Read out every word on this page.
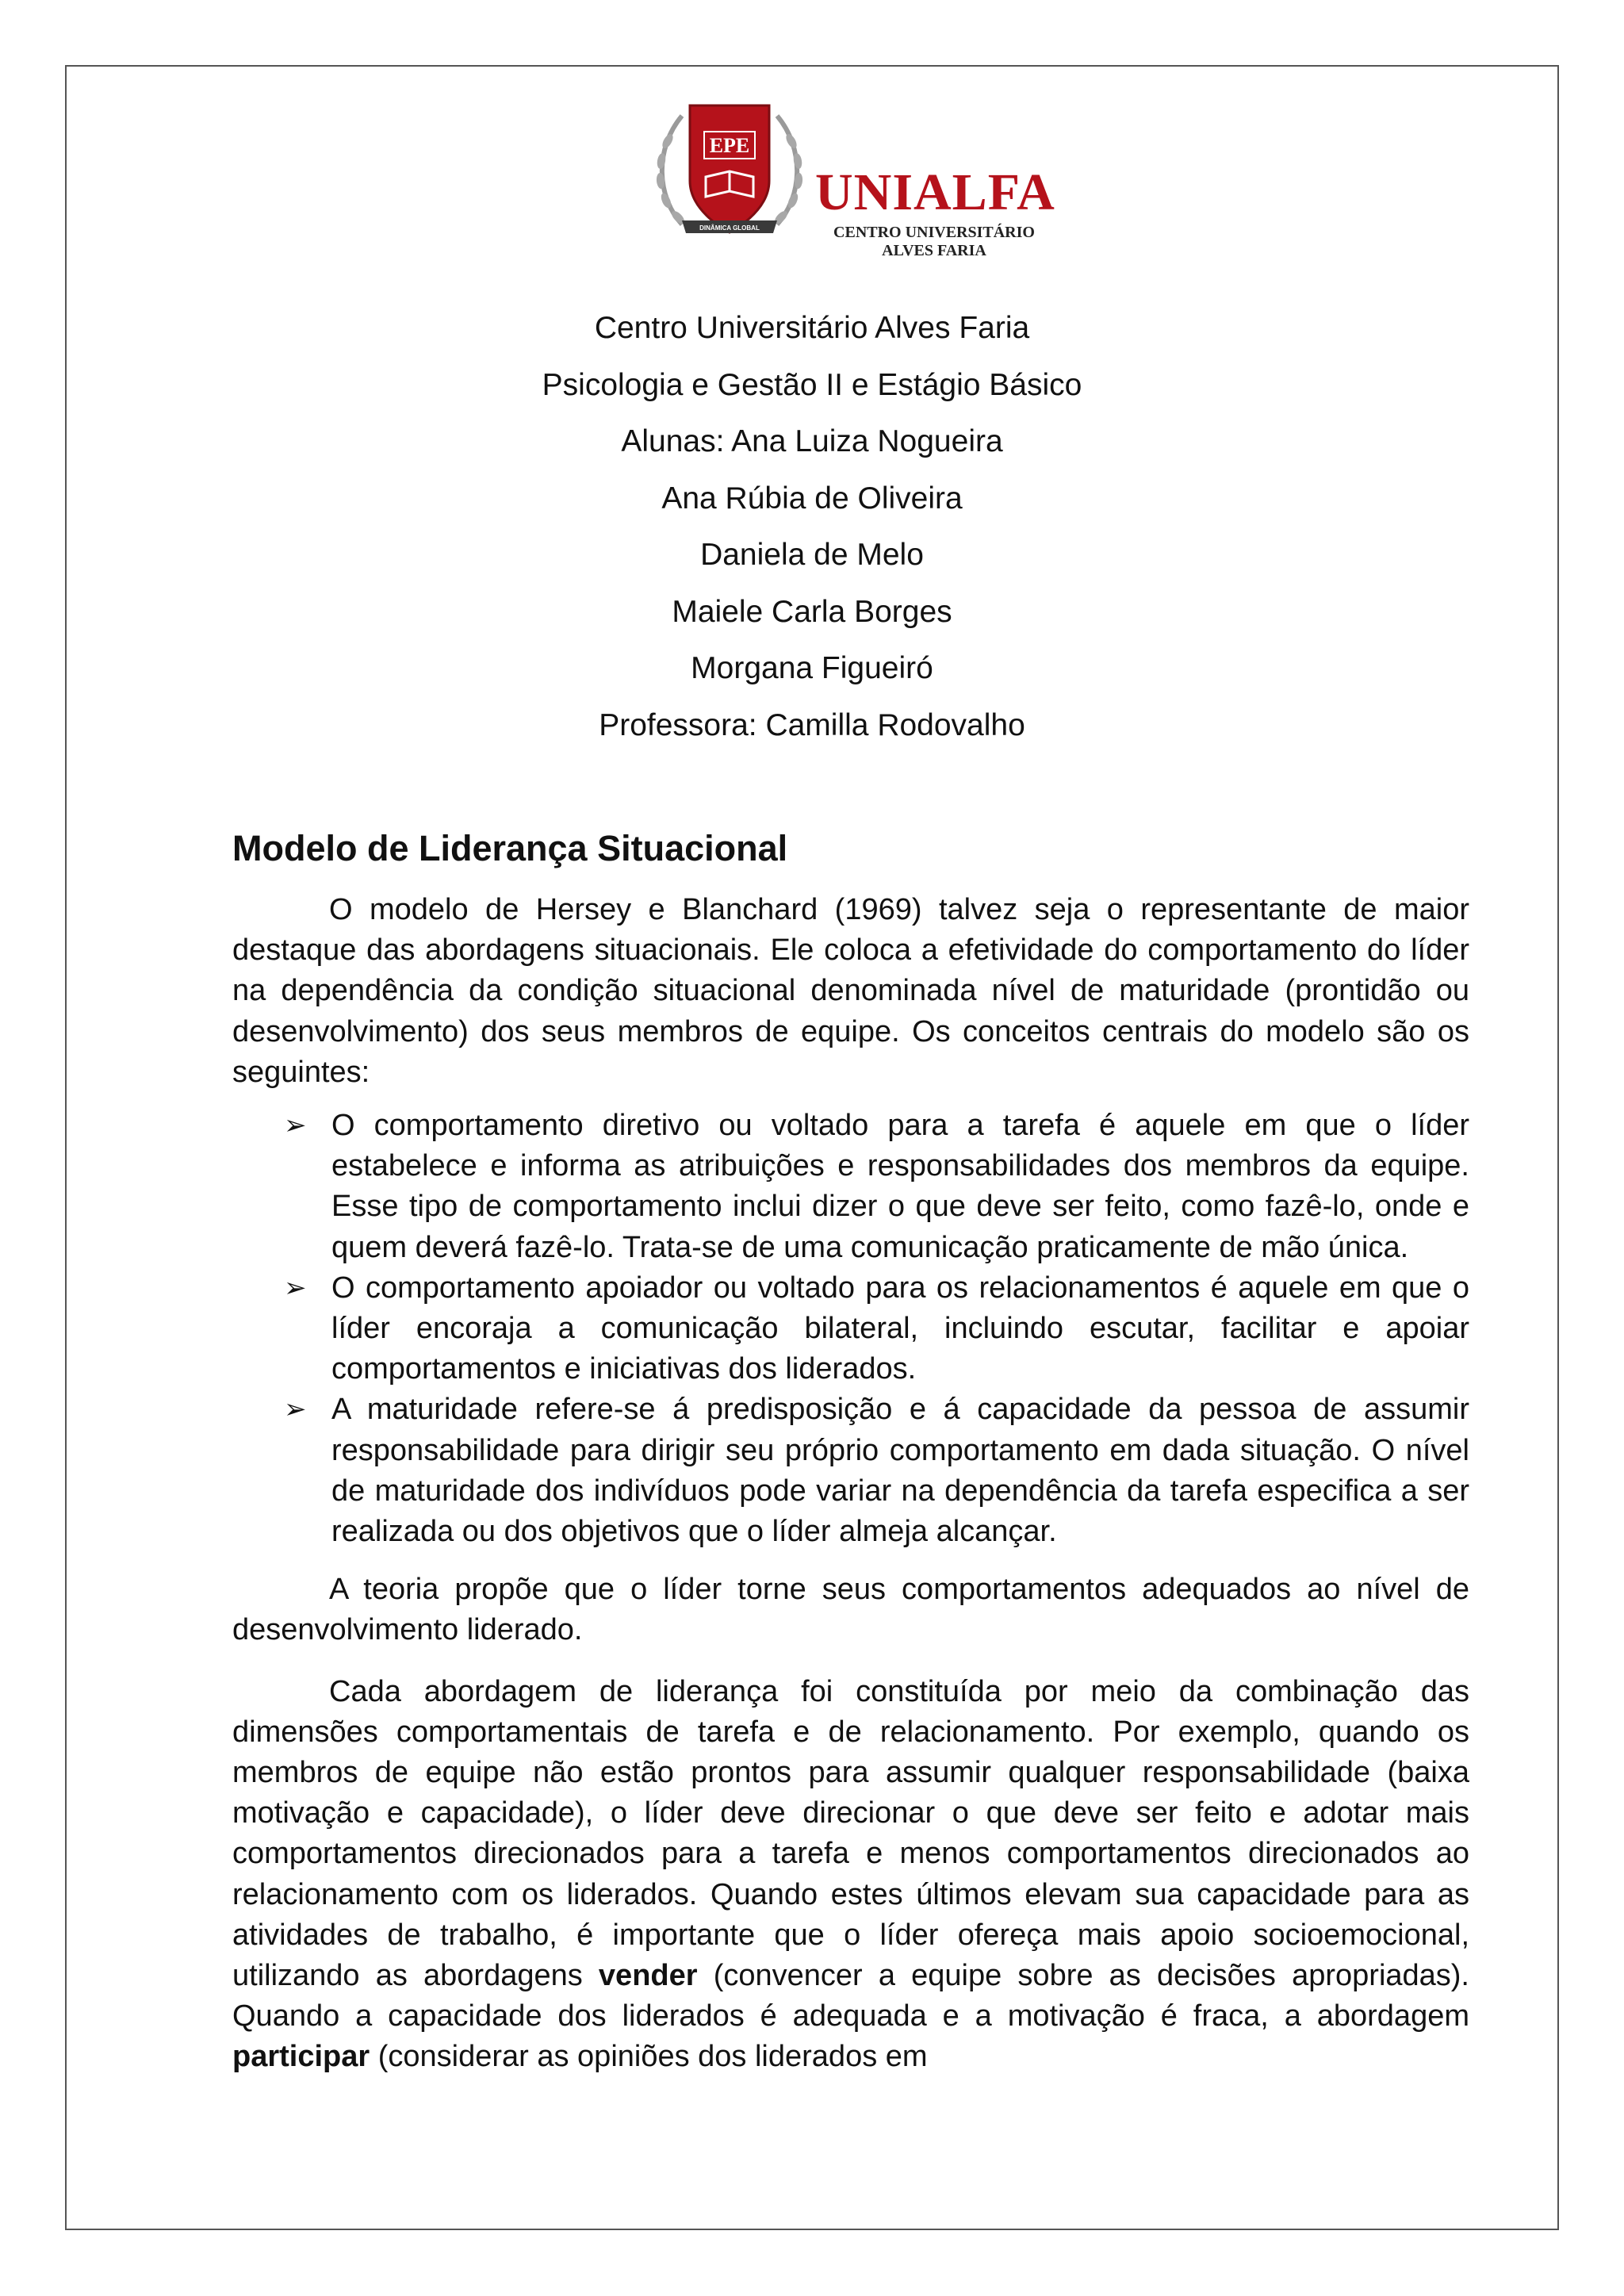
EPE
DINÂMICA GLOBAL
UNIALFA
CENTRO UNIVERSITÁRIO
ALVES FARIA

Centro Universitário Alves Faria

Psicologia e Gestão II e Estágio Básico

Alunas: Ana Luiza Nogueira

Ana Rúbia de Oliveira

Daniela de Melo

Maiele Carla Borges

Morgana Figueiró

Professora: Camilla Rodovalho

Modelo de Liderança Situacional

O modelo de Hersey e Blanchard (1969) talvez seja o representante de maior destaque das abordagens situacionais. Ele coloca a efetividade do comportamento do líder na dependência da condição situacional denominada nível de maturidade (prontidão ou desenvolvimento) dos seus membros de equipe. Os conceitos centrais do modelo são os seguintes:

➢ O comportamento diretivo ou voltado para a tarefa é aquele em que o líder estabelece e informa as atribuições e responsabilidades dos membros da equipe. Esse tipo de comportamento inclui dizer o que deve ser feito, como fazê-lo, onde e quem deverá fazê-lo. Trata-se de uma comunicação praticamente de mão única.
➢ O comportamento apoiador ou voltado para os relacionamentos é aquele em que o líder encoraja a comunicação bilateral, incluindo escutar, facilitar e apoiar comportamentos e iniciativas dos liderados.
➢ A maturidade refere-se á predisposição e á capacidade da pessoa de assumir responsabilidade para dirigir seu próprio comportamento em dada situação. O nível de maturidade dos indivíduos pode variar na dependência da tarefa especifica a ser realizada ou dos objetivos que o líder almeja alcançar.

A teoria propõe que o líder torne seus comportamentos adequados ao nível de desenvolvimento liderado.

Cada abordagem de liderança foi constituída por meio da combinação das dimensões comportamentais de tarefa e de relacionamento. Por exemplo, quando os membros de equipe não estão prontos para assumir qualquer responsabilidade (baixa motivação e capacidade), o líder deve direcionar o que deve ser feito e adotar mais comportamentos direcionados para a tarefa e menos comportamentos direcionados ao relacionamento com os liderados. Quando estes últimos elevam sua capacidade para as atividades de trabalho, é importante que o líder ofereça mais apoio socioemocional, utilizando as abordagens vender (convencer a equipe sobre as decisões apropriadas). Quando a capacidade dos liderados é adequada e a motivação é fraca, a abordagem participar (considerar as opiniões dos liderados em
